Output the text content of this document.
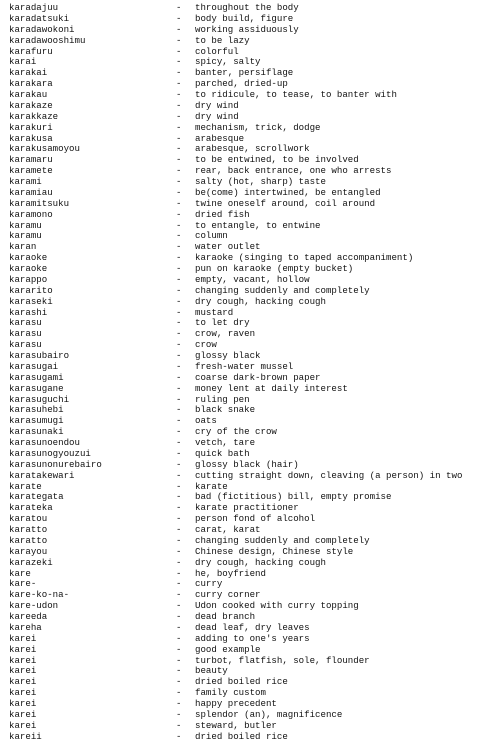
karadajuu	- throughout the body
karadatsuki	- body build, figure
karadawokoni	- working assiduously
karadawooshimu	- to be lazy
karafuru	- colorful
karai	- spicy, salty
karakai	- banter, persiflage
karakara	- parched, dried-up
karakau	- to ridicule, to tease, to banter with
karakaze	- dry wind
karakkaze	- dry wind
karakuri	- mechanism, trick, dodge
karakusa	- arabesque
karakusamoyou	- arabesque, scrollwork
karamaru	- to be entwined, to be involved
karamete	- rear, back entrance, one who arrests
karami	- salty (hot, sharp) taste
karamiau	- be(come) intertwined, be entangled
karamitsuku	- twine oneself around, coil around
karamono	- dried fish
karamu	- to entangle, to entwine
karamu	- column
karan	- water outlet
karaoke	- karaoke (singing to taped accompaniment)
karaoke	- pun on karaoke (empty bucket)
karappo	- empty, vacant, hollow
kararito	- changing suddenly and completely
karaseki	- dry cough, hacking cough
karashi	- mustard
karasu	- to let dry
karasu	- crow, raven
karasu	- crow
karasubairo	- glossy black
karasugai	- fresh-water mussel
karasugami	- coarse dark-brown paper
karasugane	- money lent at daily interest
karasuguchi	- ruling pen
karasuhebi	- black snake
karasumugi	- oats
karasunaki	- cry of the crow
karasunoendou	- vetch, tare
karasunogyouzui	- quick bath
karasunonurebairo	- glossy black (hair)
karatakewari	- cutting straight down, cleaving (a person) in two
karate	- karate
karategata	- bad (fictitious) bill, empty promise
karateka	- karate practitioner
karatou	- person fond of alcohol
karatto	- carat, karat
karatto	- changing suddenly and completely
karayou	- Chinese design, Chinese style
karazeki	- dry cough, hacking cough
kare	- he, boyfriend
kare-	- curry
kare-ko-na-	- curry corner
kare-udon	- Udon cooked with curry topping
kareeda	- dead branch
kareha	- dead leaf, dry leaves
karei	- adding to one's years
karei	- good example
karei	- turbot, flatfish, sole, flounder
karei	- beauty
karei	- dried boiled rice
karei	- family custom
karei	- happy precedent
karei	- splendor (an), magnificence
karei	- steward, butler
kareii	- dried boiled rice
